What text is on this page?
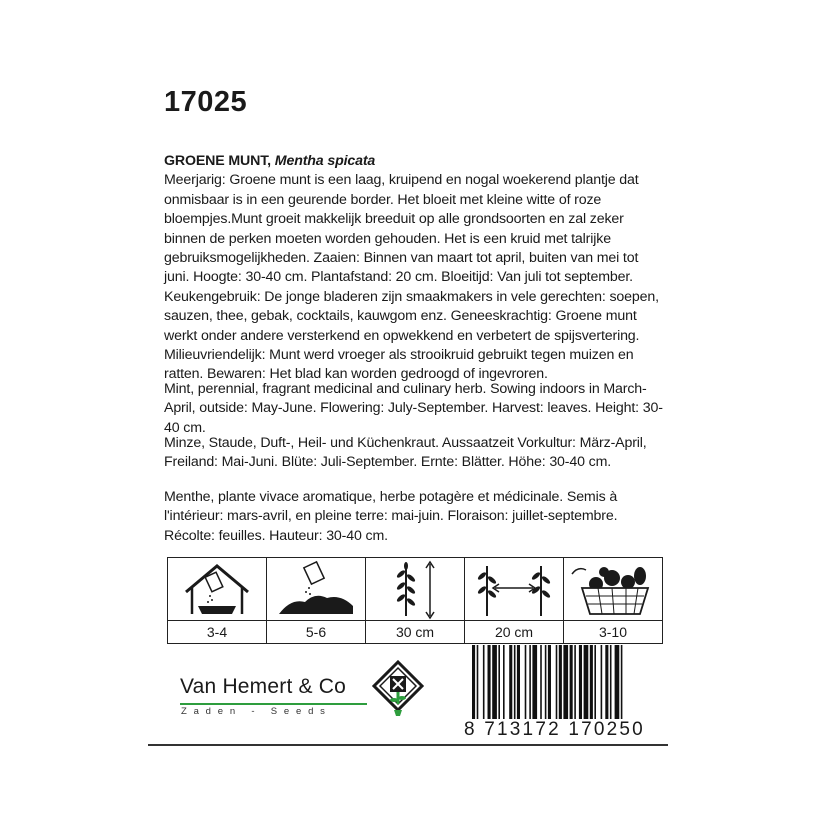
17025
GROENE MUNT, Mentha spicata
Meerjarig: Groene munt is een laag, kruipend en nogal woekerend plantje dat onmisbaar is in een geurende border. Het bloeit met kleine witte of roze bloempjes.Munt groeit makkelijk breeduit op alle grondsoorten en zal zeker binnen de perken moeten worden gehouden. Het is een kruid met talrijke gebruiksmogelijkheden. Zaaien: Binnen van maart tot april, buiten van mei tot juni. Hoogte: 30-40 cm. Plantafstand: 20 cm. Bloeitijd: Van juli tot september. Keukengebruik: De jonge bladeren zijn smaakmakers in vele gerechten: soepen, sauzen, thee, gebak, cocktails, kauwgom enz. Geneeskrachtig: Groene munt werkt onder andere versterkend en opwekkend en verbetert de spijsvertering. Milieuvriendelijk: Munt werd vroeger als strooikruid gebruikt tegen muizen en ratten. Bewaren: Het blad kan worden gedroogd of ingevroren.
Mint, perennial, fragrant medicinal and culinary herb. Sowing indoors in March-April, outside: May-June. Flowering: July-September. Harvest: leaves. Height: 30-40 cm.
Minze, Staude, Duft-, Heil- und Küchenkraut. Aussaatzeit Vorkultur: März-April, Freiland: Mai-Juni. Blüte: Juli-September. Ernte: Blätter. Höhe: 30-40 cm.
Menthe, plante vivace aromatique, herbe potagère et médicinale. Semis à l'intérieur: mars-avril, en pleine terre: mai-juin. Floraison: juillet-septembre. Récolte: feuilles. Hauteur: 30-40 cm.
3-4	5-6	30 cm	20 cm	3-10
Van Hemert & Co
Zaden - Seeds
8 713172 170250
